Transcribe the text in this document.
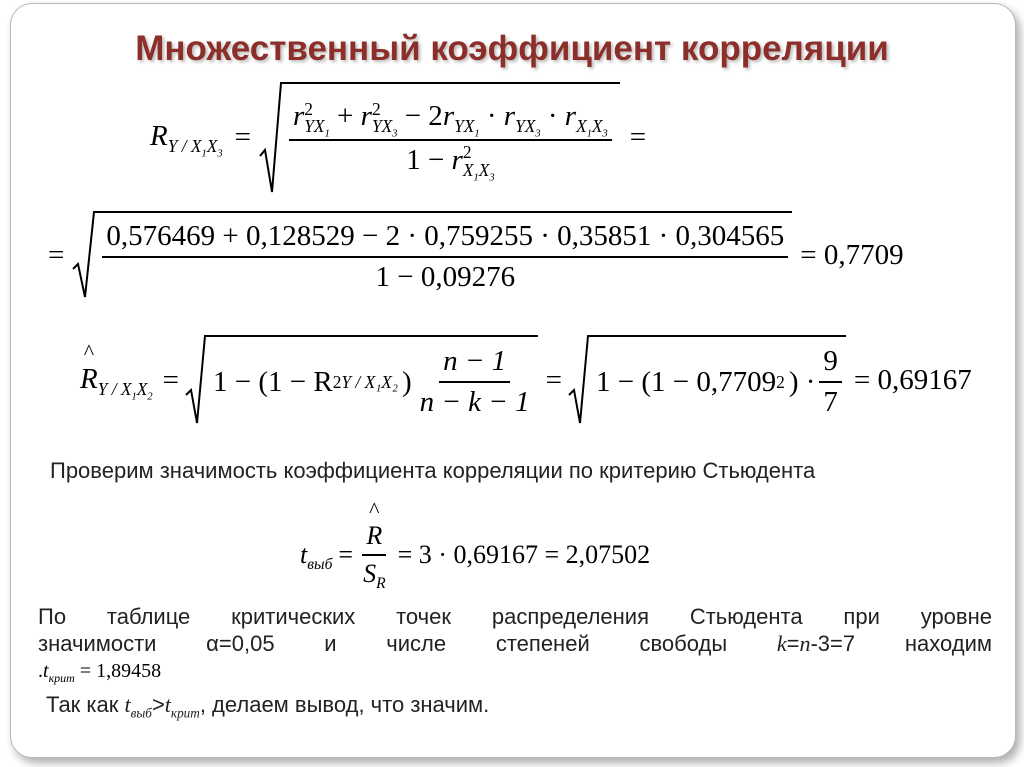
Множественный коэффициент корреляции
$R_{Y / X_1X_3}$
= r 2
$YX_1$
+ r 2
$YX_3$
− $2r_{YX_1} \cdot r_{YX_3} \cdot r_{X_1X_3}$
1 − r 2
$X_1X_3$ =
= $\frac{0,576469 + 0,128529 - 2 \cdot 0,759255 \cdot 0,35851 \cdot 0,304565}{1 - 0,09276} = 0,7709$
^ $R_{Y / X_1X_2}$
= 1 − (1 − R 2 Y / X₁X₂ ) $\frac{n - 1}{n - k - 1} = 1 - (1 - 0,7709$ 2 ) · $\frac{9}{7} = 0,69167$
Проверим значимость коэффициента корреляции по критерию Стьюдента
$t_{выб}$ =
^ $\frac{R}{S_R} = 3 \cdot 0,69167 = 2,07502$
По таблице критических точек распределения Стьюдента при уровне
значимости α=0,05 и числе степеней свободы k=n-3=7 находим
$.t_{крит} = 1,89458$
Так как $t_{выб}>t_{крит}$, делаем вывод, что значим.
